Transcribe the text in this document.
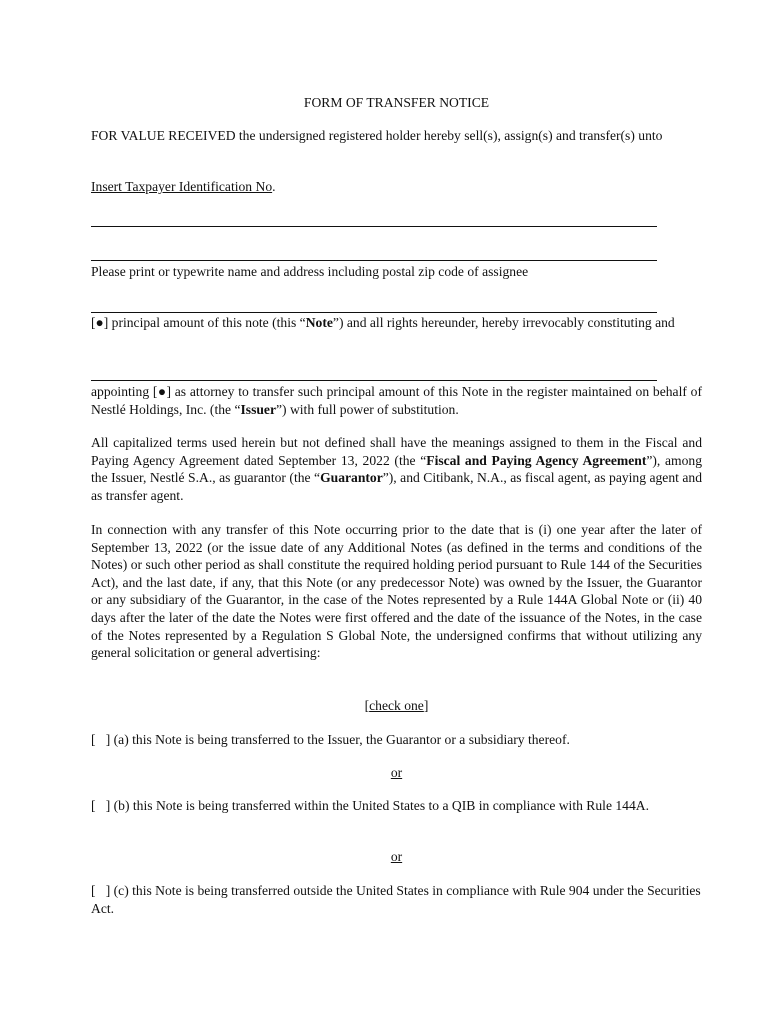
FORM OF TRANSFER NOTICE

FOR VALUE RECEIVED the undersigned registered holder hereby sell(s), assign(s) and transfer(s) unto

Insert Taxpayer Identification No.

Please print or typewrite name and address including postal zip code of assignee

[●] principal amount of this note (this “Note”) and all rights hereunder, hereby irrevocably constituting and

appointing [●] as attorney to transfer such principal amount of this Note in the register maintained on behalf of Nestlé Holdings, Inc. (the “Issuer”) with full power of substitution.

All capitalized terms used herein but not defined shall have the meanings assigned to them in the Fiscal and Paying Agency Agreement dated September 13, 2022 (the “Fiscal and Paying Agency Agreement”), among the Issuer, Nestlé S.A., as guarantor (the “Guarantor”), and Citibank, N.A., as fiscal agent, as paying agent and as transfer agent.

In connection with any transfer of this Note occurring prior to the date that is (i) one year after the later of September 13, 2022 (or the issue date of any Additional Notes (as defined in the terms and conditions of the Notes) or such other period as shall constitute the required holding period pursuant to Rule 144 of the Securities Act), and the last date, if any, that this Note (or any predecessor Note) was owned by the Issuer, the Guarantor or any subsidiary of the Guarantor, in the case of the Notes represented by a Rule 144A Global Note or (ii) 40 days after the later of the date the Notes were first offered and the date of the issuance of the Notes, in the case of the Notes represented by a Regulation S Global Note, the undersigned confirms that without utilizing any general solicitation or general advertising:

[check one]

[   ] (a) this Note is being transferred to the Issuer, the Guarantor or a subsidiary thereof.

or

[   ] (b) this Note is being transferred within the United States to a QIB in compliance with Rule 144A.

or

[   ] (c) this Note is being transferred outside the United States in compliance with Rule 904 under the Securities Act.
